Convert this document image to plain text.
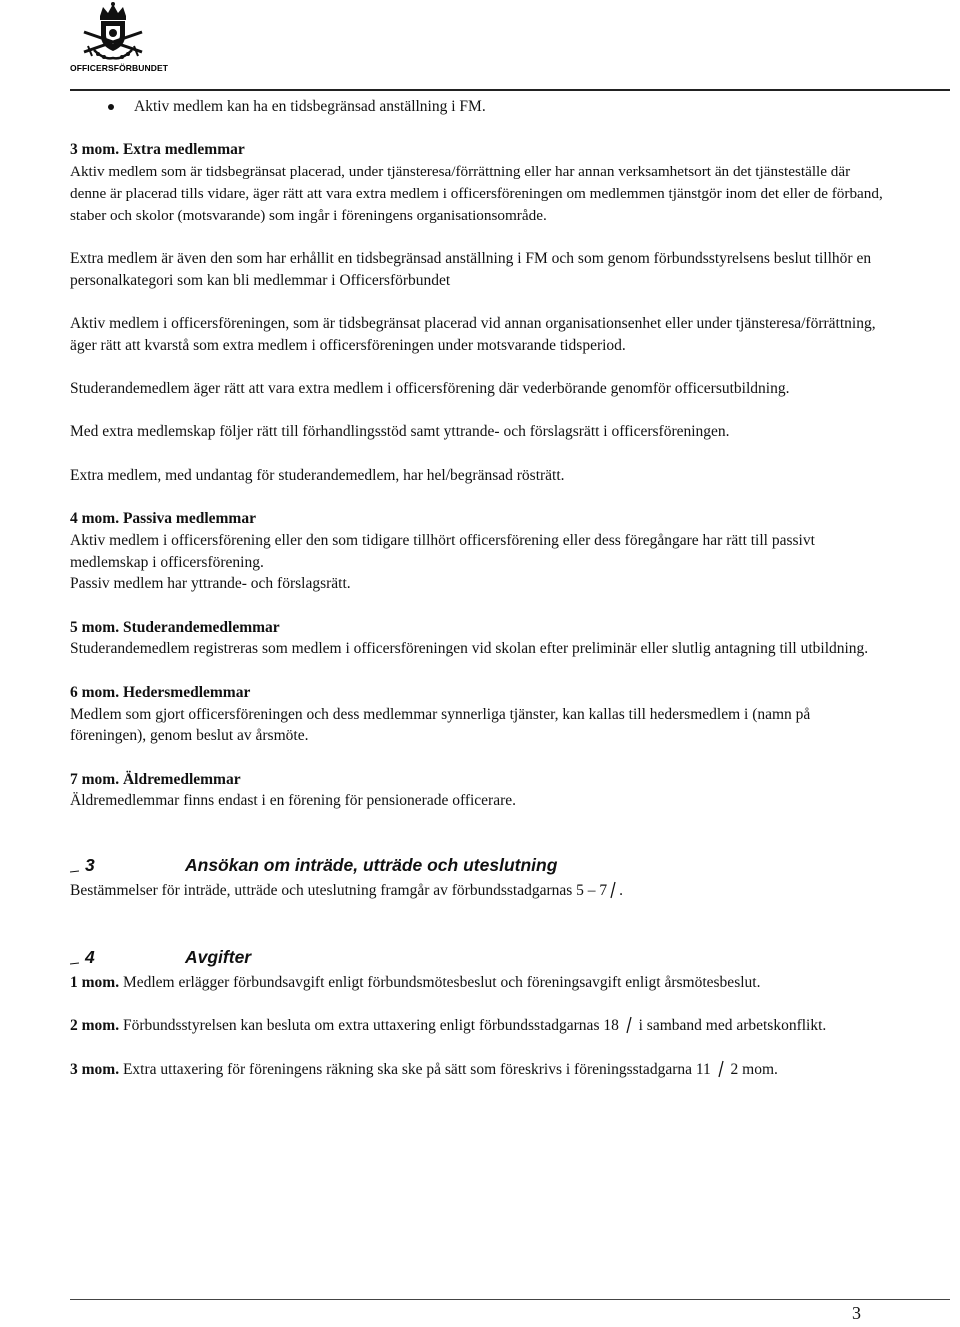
OFFICERSFÖRBUNDET
Aktiv medlem kan ha en tidsbegränsad anställning i FM.

3 mom. Extra medlemmar

Aktiv medlem som är tidsbegränsat placerad, under tjänsteresa/förrättning eller har annan verksamhetsort än det tjänsteställe där denne är placerad tills vidare, äger rätt att vara extra medlem i officersföreningen om medlemmen tjänstgör inom det eller de förband, staber och skolor (motsvarande) som ingår i föreningens organisationsområde.

Extra medlem är även den som har erhållit en tidsbegränsad anställning i FM och som genom förbundsstyrelsens beslut tillhör en personalkategori som kan bli medlemmar i Officersförbundet

Aktiv medlem i officersföreningen, som är tidsbegränsat placerad vid annan organisationsenhet eller under tjänsteresa/förrättning, äger rätt att kvarstå som extra medlem i officersföreningen under motsvarande tidsperiod.

Studerandemedlem äger rätt att vara extra medlem i officersförening där vederbörande genomför officersutbildning.

Med extra medlemskap följer rätt till förhandlingsstöd samt yttrande- och förslagsrätt i officersföreningen.

Extra medlem, med undantag för studerandemedlem, har hel/begränsad rösträtt.

4 mom. Passiva medlemmar

Aktiv medlem i officersförening eller den som tidigare tillhört officersförening eller dess föregångare har rätt till passivt medlemskap i officersförening.

Passiv medlem har yttrande- och förslagsrätt.

5 mom. Studerandemedlemmar

Studerandemedlem registreras som medlem i officersföreningen vid skolan efter preliminär eller slutlig antagning till utbildning.

6 mom. Hedersmedlemmar

Medlem som gjort officersföreningen och dess medlemmar synnerliga tjänster, kan kallas till hedersmedlem i (namn på föreningen), genom beslut av årsmöte.

7 mom. Äldremedlemmar

Äldremedlemmar finns endast i en förening för pensionerade officerare.

3	Ansökan om inträde, utträde och uteslutning

Bestämmelser för inträde, utträde och uteslutning framgår av förbundsstadgarnas 5 – 7 .

4	Avgifter

1 mom. Medlem erlägger förbundsavgift enligt förbundsmötesbeslut och föreningsavgift enligt årsmötesbeslut.

2 mom. Förbundsstyrelsen kan besluta om extra uttaxering enligt förbundsstadgarnas 18 i samband med arbetskonflikt.

3 mom. Extra uttaxering för föreningens räkning ska ske på sätt som föreskrivs i föreningsstadgarna 11 2 mom.

3
